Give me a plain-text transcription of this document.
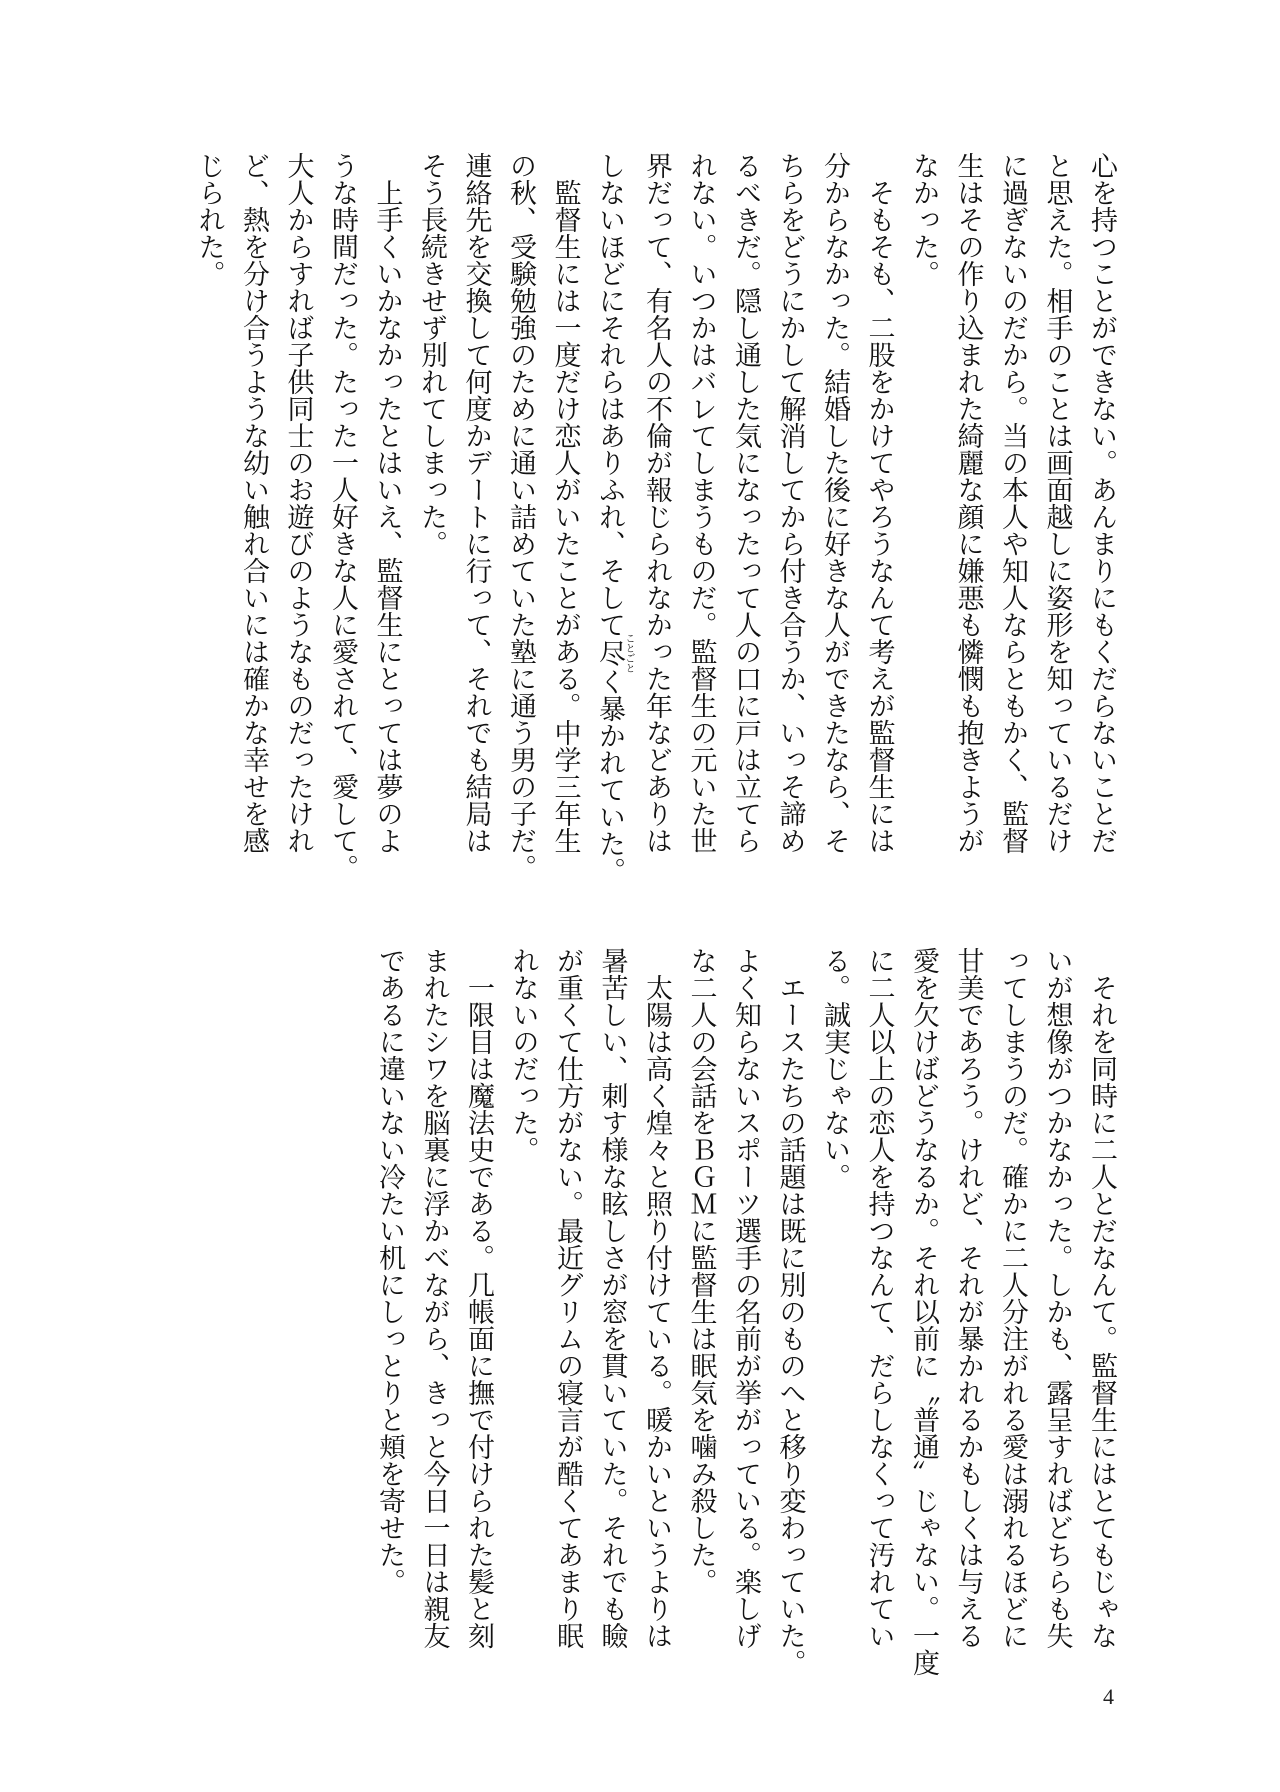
心を持つことができない。あんまりにもくだらないことだ
と思えた。相手のことは画面越しに姿形を知っているだけ
に過ぎないのだから。当の本人や知人ならともかく、監督
生はその作り込まれた綺麗な顔に嫌悪も憐憫も抱きようが
なかった。
　そもそも、二股をかけてやろうなんて考えが監督生には
分からなかった。結婚した後に好きな人ができたなら、そ
ちらをどうにかして解消してから付き合うか、いっそ諦め
るべきだ。隠し通した気になったって人の口に戸は立てら
れない。いつかはバレてしまうものだ。監督生の元いた世
界だって、有名人の不倫が報じられなかった年などありは
しないほどにそれらはありふれ、そして尽ことごとく暴かれていた。
　監督生には一度だけ恋人がいたことがある。中学三年生
の秋、受験勉強のために通い詰めていた塾に通う男の子だ。
連絡先を交換して何度かデートに行って、それでも結局は
そう長続きせず別れてしまった。
　上手くいかなかったとはいえ、監督生にとっては夢のよ
うな時間だった。たった一人好きな人に愛されて、愛して。
大人からすれば子供同士のお遊びのようなものだったけれ
ど、熱を分け合うような幼い触れ合いには確かな幸せを感
じられた。
　それを同時に二人とだなんて。監督生にはとてもじゃな
いが想像がつかなかった。しかも、露呈すればどちらも失
ってしまうのだ。確かに二人分注がれる愛は溺れるほどに
甘美であろう。けれど、それが暴かれるかもしくは与える
愛を欠けばどうなるか。それ以前に〝普通〟じゃない。一度
に二人以上の恋人を持つなんて、だらしなくって汚れてい
る。誠実じゃない。
　エースたちの話題は既に別のものへと移り変わっていた。
よく知らないスポーツ選手の名前が挙がっている。楽しげ
な二人の会話をＢＧＭに監督生は眠気を噛み殺した。
　太陽は高く煌々と照り付けている。暖かいというよりは
暑苦しい、刺す様な眩しさが窓を貫いていた。それでも瞼
が重くて仕方がない。最近グリムの寝言が酷くてあまり眠
れないのだった。
　一限目は魔法史である。几帳面に撫で付けられた髪と刻
まれたシワを脳裏に浮かべながら、きっと今日一日は親友
であるに違いない冷たい机にしっとりと頬を寄せた。
4
